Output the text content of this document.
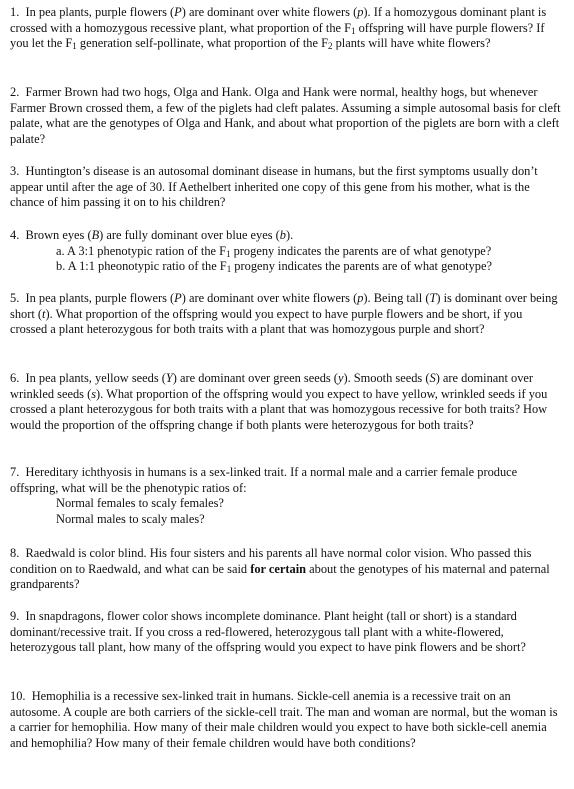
1. In pea plants, purple flowers (P) are dominant over white flowers (p). If a homozygous dominant plant is crossed with a homozygous recessive plant, what proportion of the $F_1$ offspring will have purple flowers? If you let the $F_1$ generation self-pollinate, what proportion of the $F_2$ plants will have white flowers?

2. Farmer Brown had two hogs, Olga and Hank. Olga and Hank were normal, healthy hogs, but whenever Farmer Brown crossed them, a few of the piglets had cleft palates. Assuming a simple autosomal basis for cleft palate, what are the genotypes of Olga and Hank, and about what proportion of the piglets are born with a cleft palate?

3. Huntington’s disease is an autosomal dominant disease in humans, but the first symptoms usually don’t appear until after the age of 30. If Aethelbert inherited one copy of this gene from his mother, what is the chance of him passing it on to his children?

4. Brown eyes (B) are fully dominant over blue eyes (b).

a. A 3:1 phenotypic ration of the $F_1$ progeny indicates the parents are of what genotype?

b. A 1:1 pheonotypic ratio of the $F_1$ progeny indicates the parents are of what genotype?

5. In pea plants, purple flowers (P) are dominant over white flowers (p). Being tall (T) is dominant over being short (t). What proportion of the offspring would you expect to have purple flowers and be short, if you crossed a plant heterozygous for both traits with a plant that was homozygous purple and short?

6. In pea plants, yellow seeds (Y) are dominant over green seeds (y). Smooth seeds (S) are dominant over wrinkled seeds (s). What proportion of the offspring would you expect to have yellow, wrinkled seeds if you crossed a plant heterozygous for both traits with a plant that was homozygous recessive for both traits? How would the proportion of the offspring change if both plants were heterozygous for both traits?

7. Hereditary ichthyosis in humans is a sex-linked trait. If a normal male and a carrier female produce offspring, what will be the phenotypic ratios of:

Normal females to scaly females?

Normal males to scaly males?

8. Raedwald is color blind. His four sisters and his parents all have normal color vision. Who passed this condition on to Raedwald, and what can be said for certain about the genotypes of his maternal and paternal grandparents?

9. In snapdragons, flower color shows incomplete dominance. Plant height (tall or short) is a standard dominant/recessive trait. If you cross a red-flowered, heterozygous tall plant with a white-flowered, heterozygous tall plant, how many of the offspring would you expect to have pink flowers and be short?

10. Hemophilia is a recessive sex-linked trait in humans. Sickle-cell anemia is a recessive trait on an autosome. A couple are both carriers of the sickle-cell trait. The man and woman are normal, but the woman is a carrier for hemophilia. How many of their male children would you expect to have both sickle-cell anemia and hemophilia? How many of their female children would have both conditions?
